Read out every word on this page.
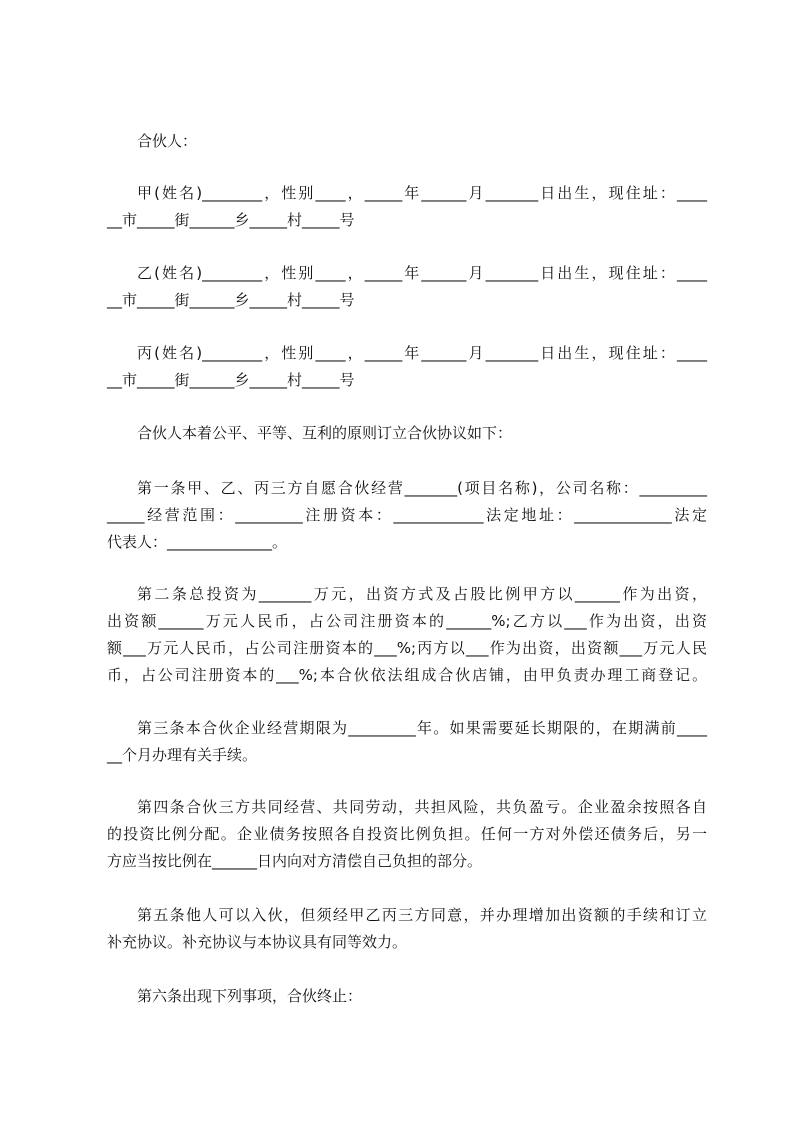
合伙人：

甲(姓名)________，性别____，_____年______月_______日出生，现住址：____

__市_____街______乡_____村_____号

乙(姓名)________，性别____，_____年______月_______日出生，现住址：____

__市_____街______乡_____村_____号

丙(姓名)________，性别____，_____年______月_______日出生，现住址：____

__市_____街______乡_____村_____号

合伙人本着公平、平等、互利的原则订立合伙协议如下：

第一条甲、乙、丙三方自愿合伙经营_______(项目名称)，公司名称：_________

_____经营范围：_________注册资本：____________法定地址：_____________法定

代表人：______________。

第二条总投资为_______万元，出资方式及占股比例甲方以______作为出资，

出资额______万元人民币，占公司注册资本的______%;乙方以___作为出资，出资

额___万元人民币，占公司注册资本的___%;丙方以___作为出资，出资额___万元人民

币，占公司注册资本的___%;本合伙依法组成合伙店铺，由甲负责办理工商登记。

第三条本合伙企业经营期限为_________年。如果需要延长期限的，在期满前____

__个月办理有关手续。

第四条合伙三方共同经营、共同劳动，共担风险，共负盈亏。企业盈余按照各自

的投资比例分配。企业债务按照各自投资比例负担。任何一方对外偿还债务后，另一

方应当按比例在______日内向对方清偿自己负担的部分。

第五条他人可以入伙，但须经甲乙丙三方同意，并办理增加出资额的手续和订立

补充协议。补充协议与本协议具有同等效力。

第六条出现下列事项，合伙终止：
